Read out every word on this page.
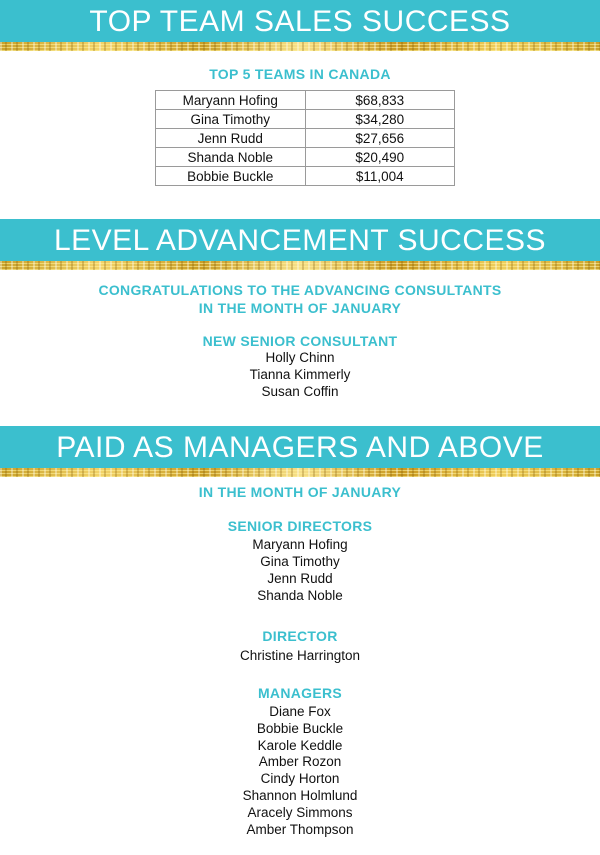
TOP TEAM SALES SUCCESS
TOP 5 TEAMS IN CANADA
Maryann Hofing	$68,833
Gina Timothy	$34,280
Jenn Rudd	$27,656
Shanda Noble	$20,490
Bobbie Buckle	$11,004
LEVEL ADVANCEMENT SUCCESS
CONGRATULATIONS TO THE ADVANCING CONSULTANTS
IN THE MONTH OF JANUARY
NEW SENIOR CONSULTANT
Holly Chinn
Tianna Kimmerly
Susan Coffin
PAID AS MANAGERS AND ABOVE
IN THE MONTH OF JANUARY
SENIOR DIRECTORS
Maryann Hofing
Gina Timothy
Jenn Rudd
Shanda Noble
DIRECTOR
Christine Harrington
MANAGERS
Diane Fox
Bobbie Buckle
Karole Keddle
Amber Rozon
Cindy Horton
Shannon Holmlund
Aracely Simmons
Amber Thompson
